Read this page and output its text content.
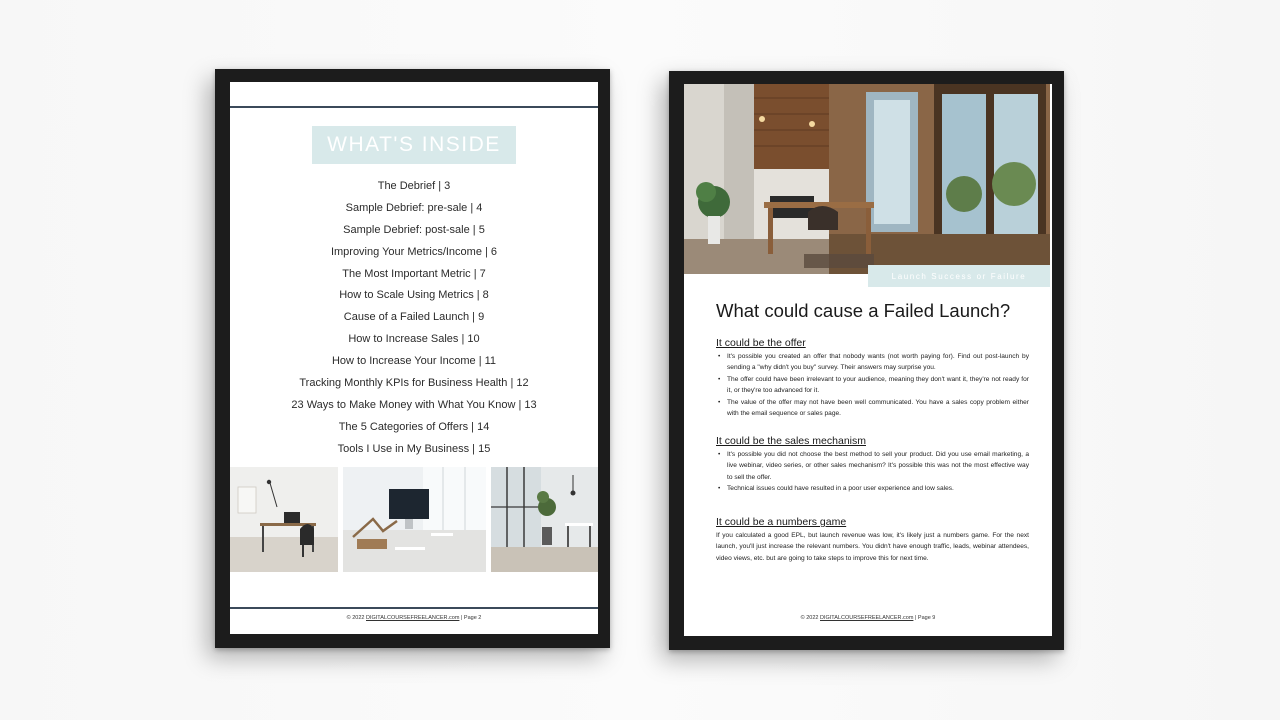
WHAT'S INSIDE
The Debrief | 3
Sample Debrief: pre-sale | 4
Sample Debrief: post-sale | 5
Improving Your Metrics/Income | 6
The Most Important Metric | 7
How to Scale Using Metrics | 8
Cause of a Failed Launch | 9
How to Increase Sales | 10
How to Increase Your Income | 11
Tracking Monthly KPIs for Business Health | 12
23 Ways to Make Money with What You Know | 13
The 5 Categories of Offers | 14
Tools I Use in My Business | 15
© 2022 DIGITALCOURSEFREELANCER.com | Page 2
Launch Success or Failure
What could cause a Failed Launch?
It could be the offer
• It's possible you created an offer that nobody wants (not worth paying for). Find out post-launch by sending a "why didn't you buy" survey. Their answers may surprise you.
• The offer could have been irrelevant to your audience, meaning they don't want it, they're not ready for it, or they're too advanced for it.
• The value of the offer may not have been well communicated. You have a sales copy problem either with the email sequence or sales page.
It could be the sales mechanism
• It's possible you did not choose the best method to sell your product. Did you use email marketing, a live webinar, video series, or other sales mechanism? It's possible this was not the most effective way to sell the offer.
• Technical issues could have resulted in a poor user experience and low sales.
It could be a numbers game

If you calculated a good EPL, but launch revenue was low, it's likely just a numbers game. For the next launch, you'll just increase the relevant numbers. You didn't have enough traffic, leads, webinar attendees, video views, etc. but are going to take steps to improve this for next time.

© 2022 DIGITALCOURSEFREELANCER.com | Page 9
